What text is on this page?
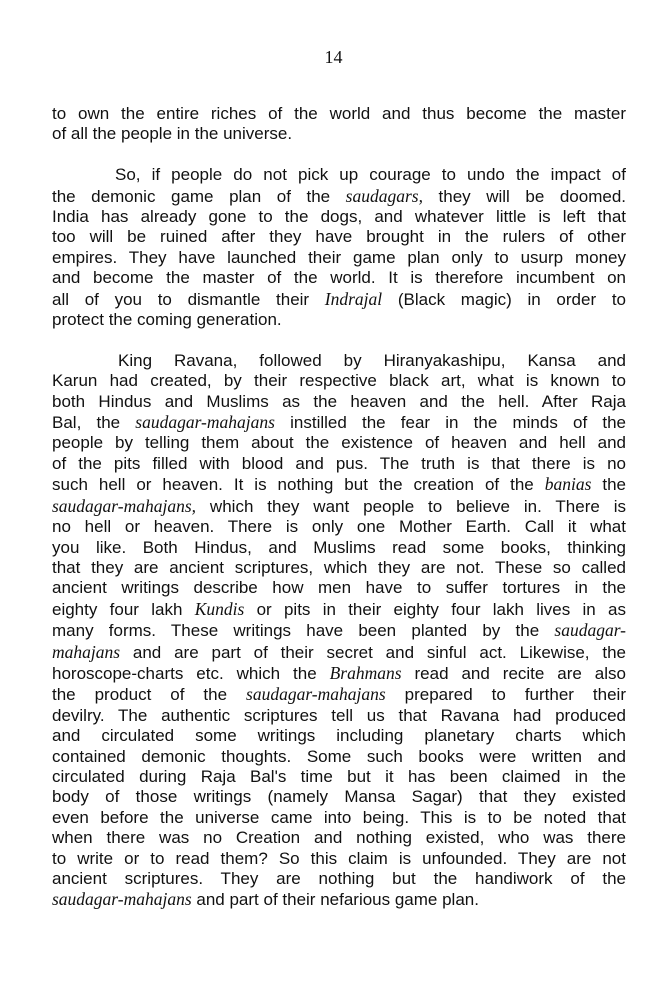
14
to own the entire riches of the world and thus become the master
of all the people in the universe.
So, if people do not pick up courage to undo the impact of
the demonic game plan of the saudagars, they will be doomed.
India has already gone to the dogs, and whatever little is left that
too will be ruined after they have brought in the rulers of other
empires. They have launched their game plan only to usurp money
and become the master of the world. It is therefore incumbent on
all of you to dismantle their Indrajal (Black magic) in order to
protect the coming generation.
King Ravana, followed by Hiranyakashipu, Kansa and
Karun had created, by their respective black art, what is known to
both Hindus and Muslims as the heaven and the hell. After Raja
Bal, the saudagar-mahajans instilled the fear in the minds of the
people by telling them about the existence of heaven and hell and
of the pits filled with blood and pus. The truth is that there is no
such hell or heaven. It is nothing but the creation of the banias the
saudagar-mahajans, which they want people to believe in. There is
no hell or heaven. There is only one Mother Earth. Call it what
you like. Both Hindus, and Muslims read some books, thinking
that they are ancient scriptures, which they are not. These so called
ancient writings describe how men have to suffer tortures in the
eighty four lakh Kundis or pits in their eighty four lakh lives in as
many forms. These writings have been planted by the saudagar-
mahajans and are part of their secret and sinful act. Likewise, the
horoscope-charts etc. which the Brahmans read and recite are also
the product of the saudagar-mahajans prepared to further their
devilry. The authentic scriptures tell us that Ravana had produced
and circulated some writings including planetary charts which
contained demonic thoughts. Some such books were written and
circulated during Raja Bal's time but it has been claimed in the
body of those writings (namely Mansa Sagar) that they existed
even before the universe came into being. This is to be noted that
when there was no Creation and nothing existed, who was there
to write or to read them? So this claim is unfounded. They are not
ancient scriptures. They are nothing but the handiwork of the
saudagar-mahajans and part of their nefarious game plan.
